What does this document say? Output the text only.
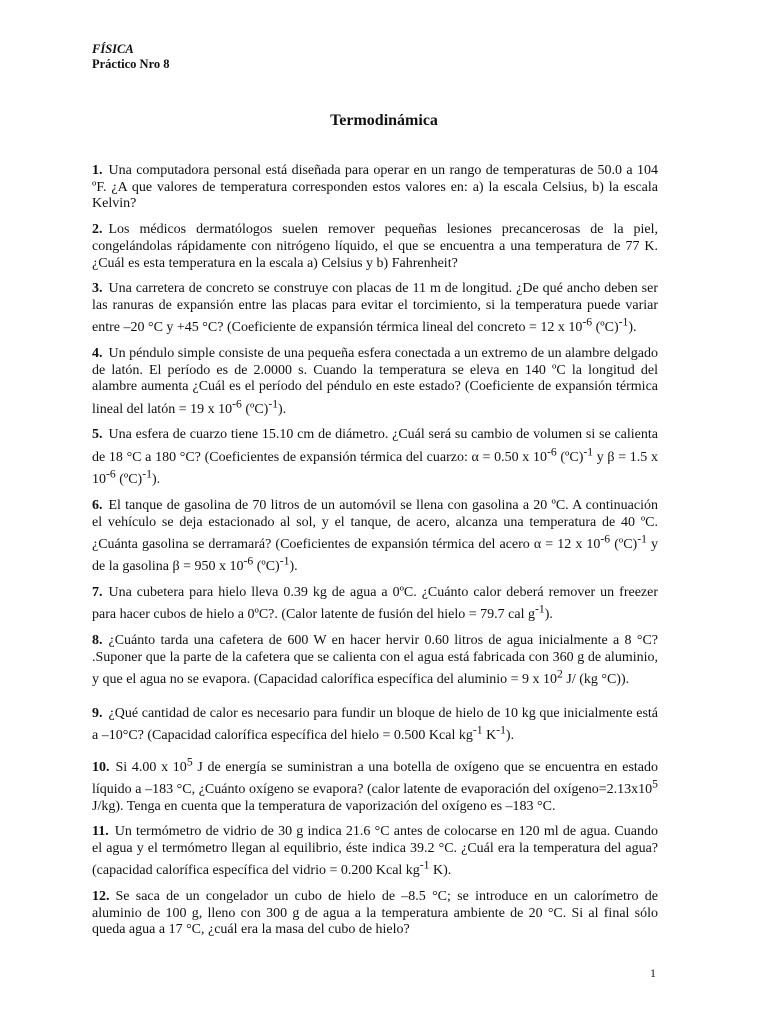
FÍSICA
Práctico Nro 8
Termodinámica

1. Una computadora personal está diseñada para operar en un rango de temperaturas de 50.0 a 104 ºF. ¿A que valores de temperatura corresponden estos valores en: a) la escala Celsius, b) la escala Kelvin?

2. Los médicos dermatólogos suelen remover pequeñas lesiones precancerosas de la piel, congelándolas rápidamente con nitrógeno líquido, el que se encuentra a una temperatura de 77 K. ¿Cuál es esta temperatura en la escala a) Celsius y b) Fahrenheit?

3. Una carretera de concreto se construye con placas de 11 m de longitud. ¿De qué ancho deben ser las ranuras de expansión entre las placas para evitar el torcimiento, si la temperatura puede variar entre –20 °C y +45 °C? (Coeficiente de expansión térmica lineal del concreto = 12 x $10^{-6}$ (ºC)$^{-1}$).

4. Un péndulo simple consiste de una pequeña esfera conectada a un extremo de un alambre delgado de latón. El período es de 2.0000 s. Cuando la temperatura se eleva en 140 ºC la longitud del alambre aumenta ¿Cuál es el período del péndulo en este estado? (Coeficiente de expansión térmica lineal del latón = 19 x $10^{-6}$ (ºC)$^{-1}$).

5. Una esfera de cuarzo tiene 15.10 cm de diámetro. ¿Cuál será su cambio de volumen si se calienta de 18 °C a 180 °C? (Coeficientes de expansión térmica del cuarzo: α = 0.50 x $10^{-6}$ (ºC)$^{-1}$ y β = 1.5 x $10^{-6}$ (ºC)$^{-1}$).

6. El tanque de gasolina de 70 litros de un automóvil se llena con gasolina a 20 ºC. A continuación el vehículo se deja estacionado al sol, y el tanque, de acero, alcanza una temperatura de 40 ºC. ¿Cuánta gasolina se derramará? (Coeficientes de expansión térmica del acero α = 12 x $10^{-6}$ (ºC)$^{-1}$ y de la gasolina β = 950 x $10^{-6}$ (ºC)$^{-1}$).

7. Una cubetera para hielo lleva 0.39 kg de agua a 0ºC. ¿Cuánto calor deberá remover un freezer para hacer cubos de hielo a 0ºC?. (Calor latente de fusión del hielo = 79.7 cal $g^{-1}$).

8. ¿Cuánto tarda una cafetera de 600 W en hacer hervir 0.60 litros de agua inicialmente a 8 °C? .Suponer que la parte de la cafetera que se calienta con el agua está fabricada con 360 g de aluminio, y que el agua no se evapora. (Capacidad calorífica específica del aluminio = 9 x $10^2$ J/ (kg °C)).

9. ¿Qué cantidad de calor es necesario para fundir un bloque de hielo de 10 kg que inicialmente está a –10°C? (Capacidad calorífica específica del hielo = 0.500 Kcal $kg^{-1}$ $K^{-1}$).

10. Si 4.00 x $10^5$ J de energía se suministran a una botella de oxígeno que se encuentra en estado líquido a –183 °C, ¿Cuánto oxígeno se evapora? (calor latente de evaporación del $oxígeno=2.13x10^5$ J/kg). Tenga en cuenta que la temperatura de vaporización del oxígeno es –183 °C.

11. Un termómetro de vidrio de 30 g indica 21.6 °C antes de colocarse en 120 ml de agua. Cuando el agua y el termómetro llegan al equilibrio, éste indica 39.2 °C. ¿Cuál era la temperatura del agua? (capacidad calorífica específica del vidrio = 0.200 Kcal $kg^{-1}$ K).

12. Se saca de un congelador un cubo de hielo de –8.5 °C; se introduce en un calorímetro de aluminio de 100 g, lleno con 300 g de agua a la temperatura ambiente de 20 °C. Si al final sólo queda agua a 17 °C, ¿cuál era la masa del cubo de hielo?

1
